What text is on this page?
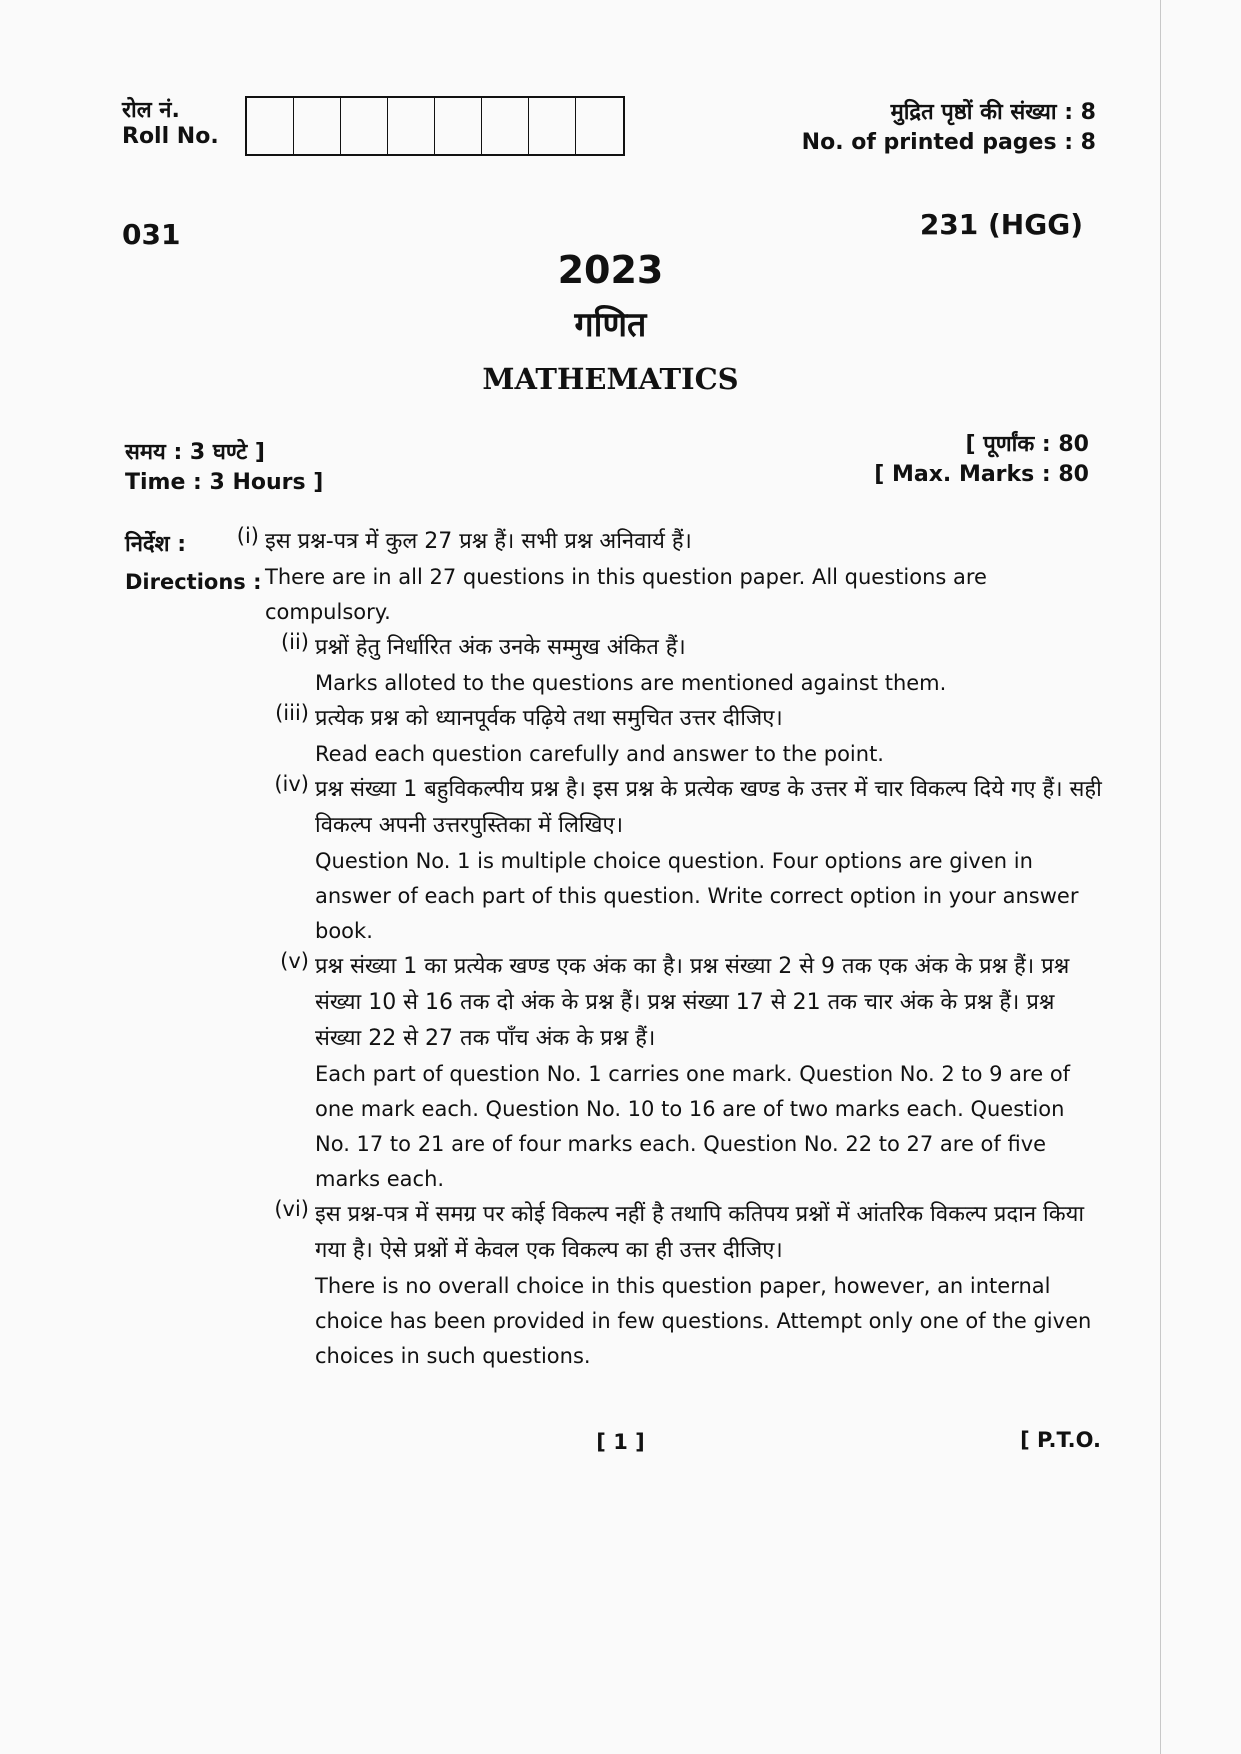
रोल नं.
Roll No.
मुद्रित पृष्ठों की संख्या : 8
No. of printed pages : 8
031	231 (HGG)
2023
गणित
MATHEMATICS
समय : 3 घण्टे ]
Time : 3 Hours ]
[ पूर्णांक : 80
[ Max. Marks : 80
निर्देश :
Directions :
(i) इस प्रश्न-पत्र में कुल 27 प्रश्न हैं। सभी प्रश्न अनिवार्य हैं।
There are in all 27 questions in this question paper. All questions are compulsory.
(ii) प्रश्नों हेतु निर्धारित अंक उनके सम्मुख अंकित हैं।
Marks alloted to the questions are mentioned against them.
(iii) प्रत्येक प्रश्न को ध्यानपूर्वक पढ़िये तथा समुचित उत्तर दीजिए।
Read each question carefully and answer to the point.
(iv) प्रश्न संख्या 1 बहुविकल्पीय प्रश्न है। इस प्रश्न के प्रत्येक खण्ड के उत्तर में चार विकल्प दिये गए हैं। सही विकल्प अपनी उत्तरपुस्तिका में लिखिए।
Question No. 1 is multiple choice question. Four options are given in answer of each part of this question. Write correct option in your answer book.
(v) प्रश्न संख्या 1 का प्रत्येक खण्ड एक अंक का है। प्रश्न संख्या 2 से 9 तक एक अंक के प्रश्न हैं। प्रश्न संख्या 10 से 16 तक दो अंक के प्रश्न हैं। प्रश्न संख्या 17 से 21 तक चार अंक के प्रश्न हैं। प्रश्न संख्या 22 से 27 तक पाँच अंक के प्रश्न हैं।
Each part of question No. 1 carries one mark. Question No. 2 to 9 are of one mark each. Question No. 10 to 16 are of two marks each. Question No. 17 to 21 are of four marks each. Question No. 22 to 27 are of five marks each.
(vi) इस प्रश्न-पत्र में समग्र पर कोई विकल्प नहीं है तथापि कतिपय प्रश्नों में आंतरिक विकल्प प्रदान किया गया है। ऐसे प्रश्नों में केवल एक विकल्प का ही उत्तर दीजिए।
There is no overall choice in this question paper, however, an internal choice has been provided in few questions. Attempt only one of the given choices in such questions.
[ 1 ]	[ P.T.O.
